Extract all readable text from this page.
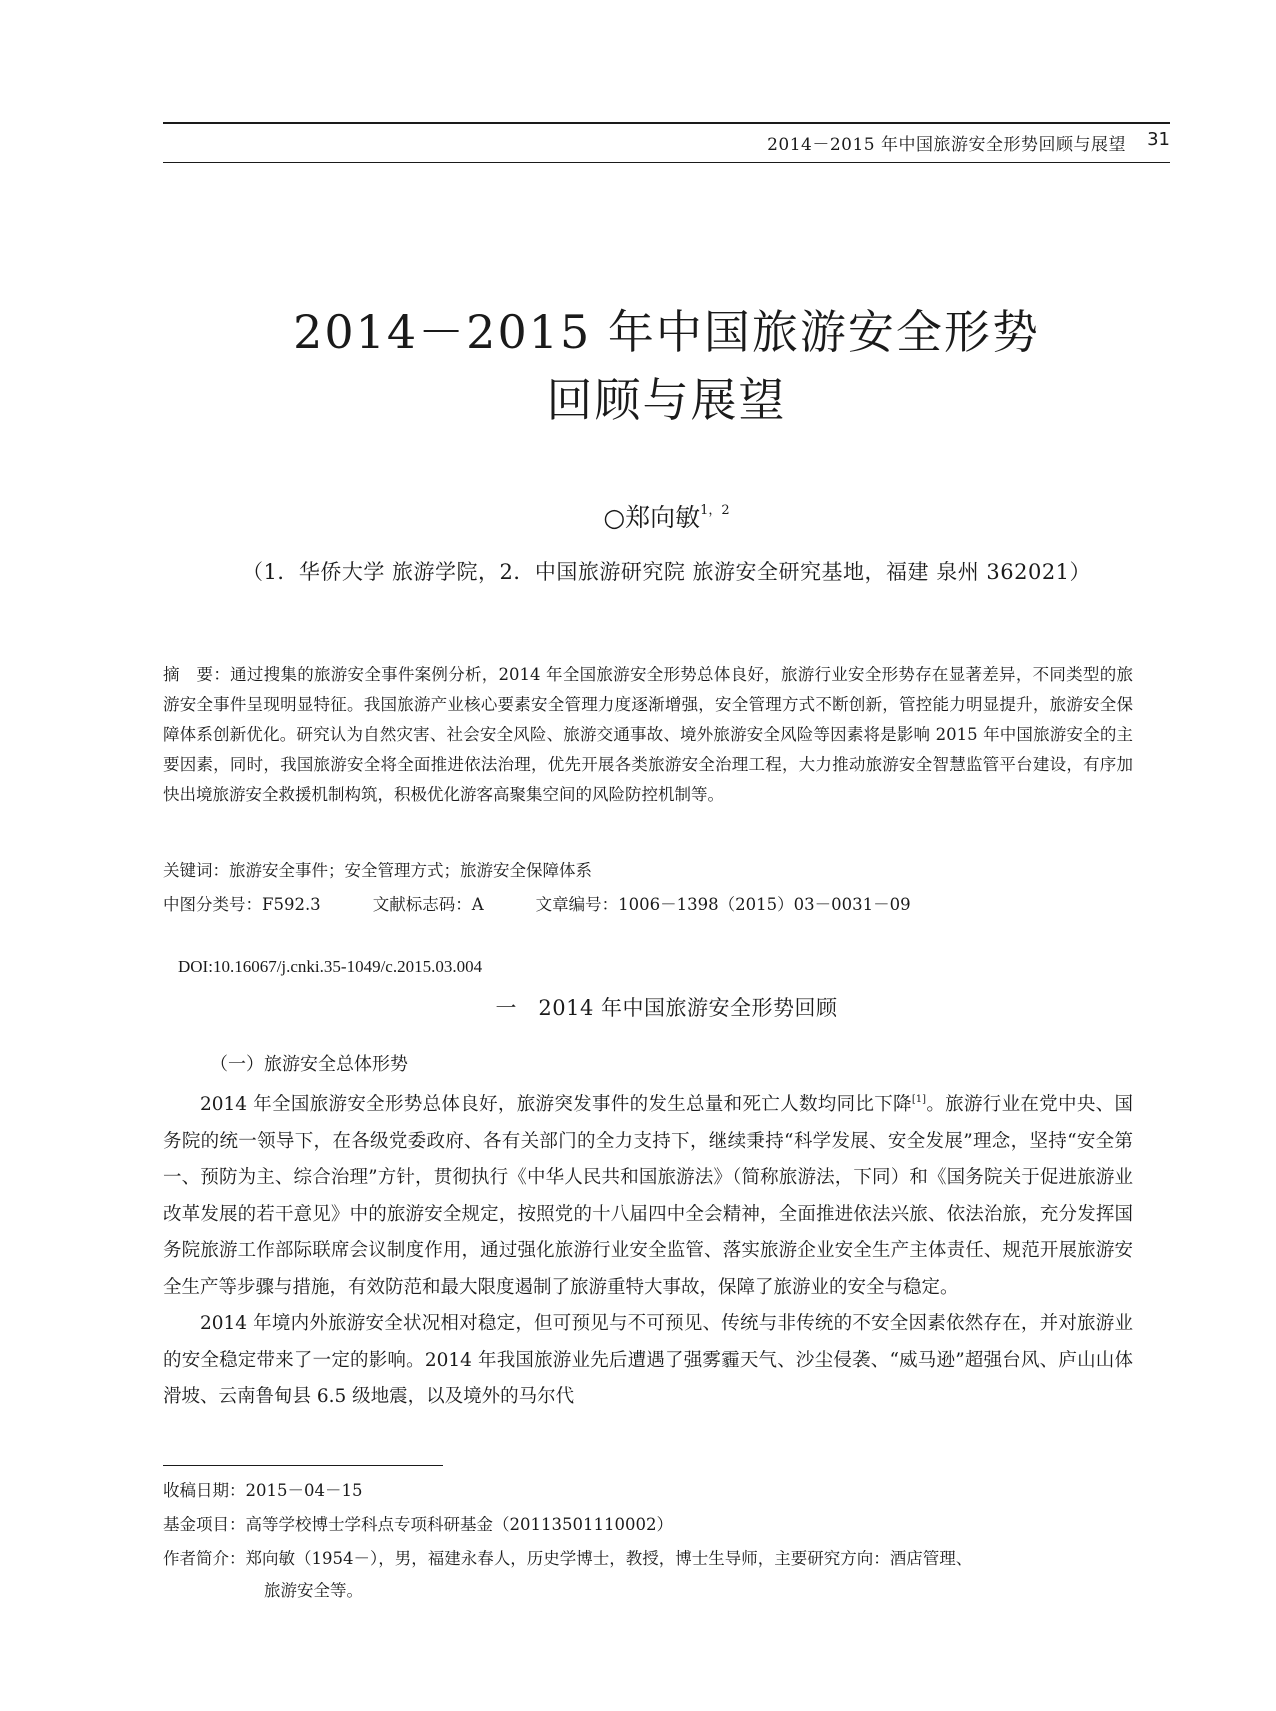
2014－2015 年中国旅游安全形势回顾与展望 31
2014－2015 年中国旅游安全形势
回顾与展望
○郑向敏$^{1,2}$
（1．华侨大学 旅游学院，2．中国旅游研究院 旅游安全研究基地，福建 泉州 362021）
摘　要：通过搜集的旅游安全事件案例分析，2014 年全国旅游安全形势总体良好，旅游行业安全形势存在显著差异，不同类型的旅游安全事件呈现明显特征。我国旅游产业核心要素安全管理力度逐渐增强，安全管理方式不断创新，管控能力明显提升，旅游安全保障体系创新优化。研究认为自然灾害、社会安全风险、旅游交通事故、境外旅游安全风险等因素将是影响 2015 年中国旅游安全的主要因素，同时，我国旅游安全将全面推进依法治理，优先开展各类旅游安全治理工程，大力推动旅游安全智慧监管平台建设，有序加快出境旅游安全救援机制构筑，积极优化游客高聚集空间的风险防控机制等。
关键词：旅游安全事件；安全管理方式；旅游安全保障体系
中图分类号：F592.3	文献标志码：A	文章编号：1006－1398（2015）03－0031－09
DOI:10.16067/j.cnki.35-1049/c.2015.03.004
一　2014 年中国旅游安全形势回顾
（一）旅游安全总体形势

2014 年全国旅游安全形势总体良好，旅游突发事件的发生总量和死亡人数均同比下降[1]。旅游行业在党中央、国务院的统一领导下，在各级党委政府、各有关部门的全力支持下，继续秉持“科学发展、安全发展”理念，坚持“安全第一、预防为主、综合治理”方针，贯彻执行《中华人民共和国旅游法》（简称旅游法，下同）和《国务院关于促进旅游业改革发展的若干意见》中的旅游安全规定，按照党的十八届四中全会精神，全面推进依法兴旅、依法治旅，充分发挥国务院旅游工作部际联席会议制度作用，通过强化旅游行业安全监管、落实旅游企业安全生产主体责任、规范开展旅游安全生产等步骤与措施，有效防范和最大限度遏制了旅游重特大事故，保障了旅游业的安全与稳定。

2014 年境内外旅游安全状况相对稳定，但可预见与不可预见、传统与非传统的不安全因素依然存在，并对旅游业的安全稳定带来了一定的影响。2014 年我国旅游业先后遭遇了强雾霾天气、沙尘侵袭、“威马逊”超强台风、庐山山体滑坡、云南鲁甸县 6.5 级地震，以及境外的马尔代

收稿日期：2015－04－15
基金项目：高等学校博士学科点专项科研基金（20113501110002）
作者简介：郑向敏（1954－），男，福建永春人，历史学博士，教授，博士生导师，主要研究方向：酒店管理、
旅游安全等。
